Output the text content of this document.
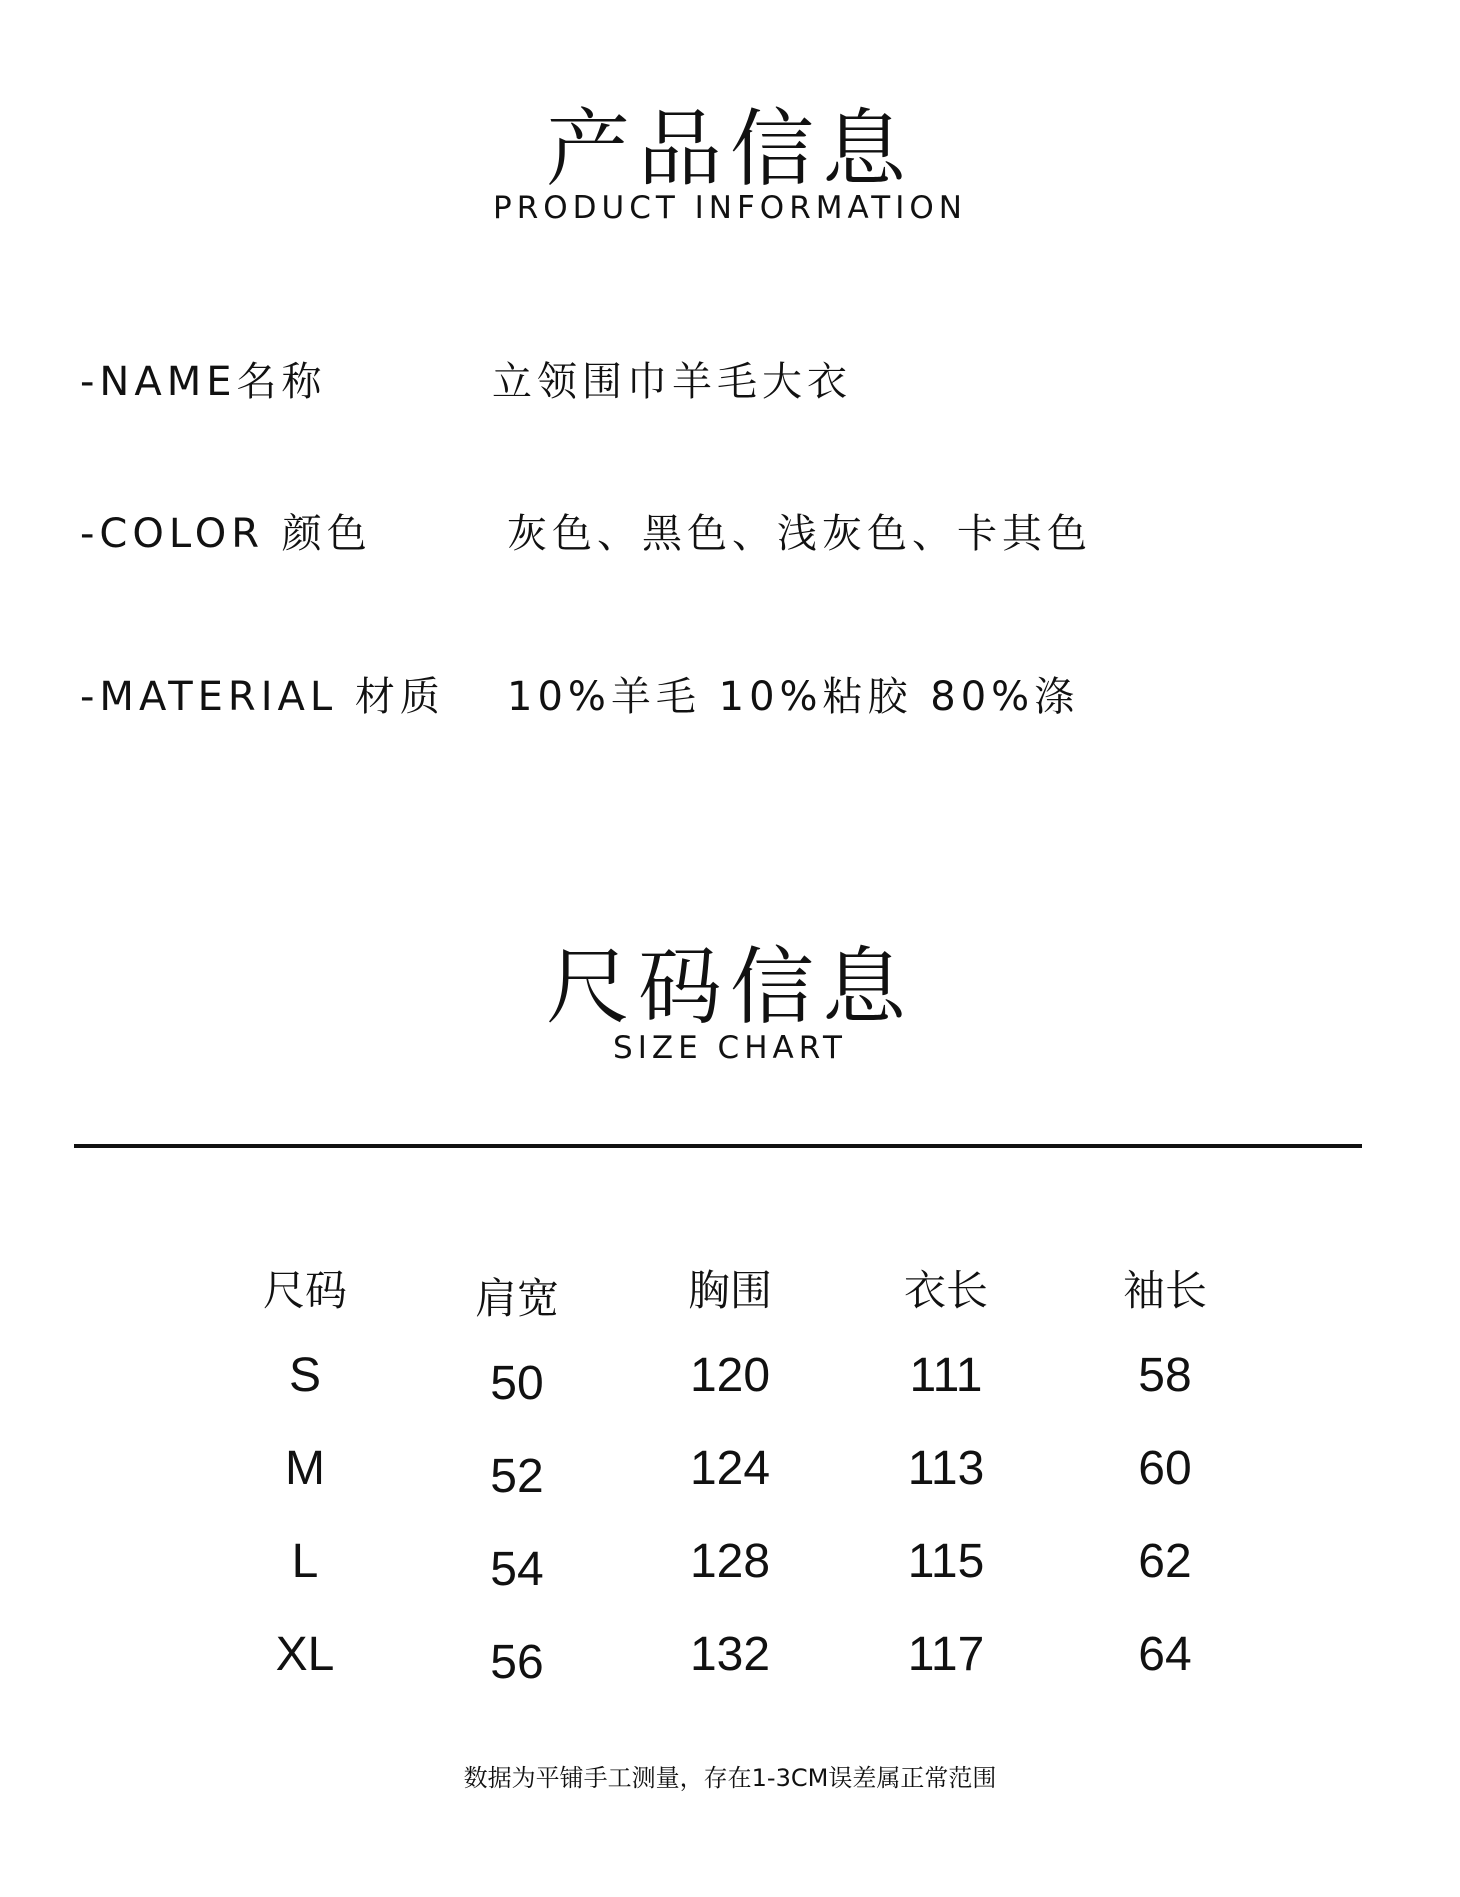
产品信息
PRODUCT INFORMATION
-NAME名称	立领围巾羊毛大衣
-COLOR 颜色	灰色、黑色、浅灰色、卡其色
-MATERIAL 材质 10%羊毛 10%粘胶 80%涤
尺码信息
SIZE CHART
尺码	肩宽	胸围	衣长	袖长
S	50	120	111	58
M	52	124	113	60
L	54	128	115	62
XL	56	132	117	64
数据为平铺手工测量，存在1-3CM误差属正常范围
